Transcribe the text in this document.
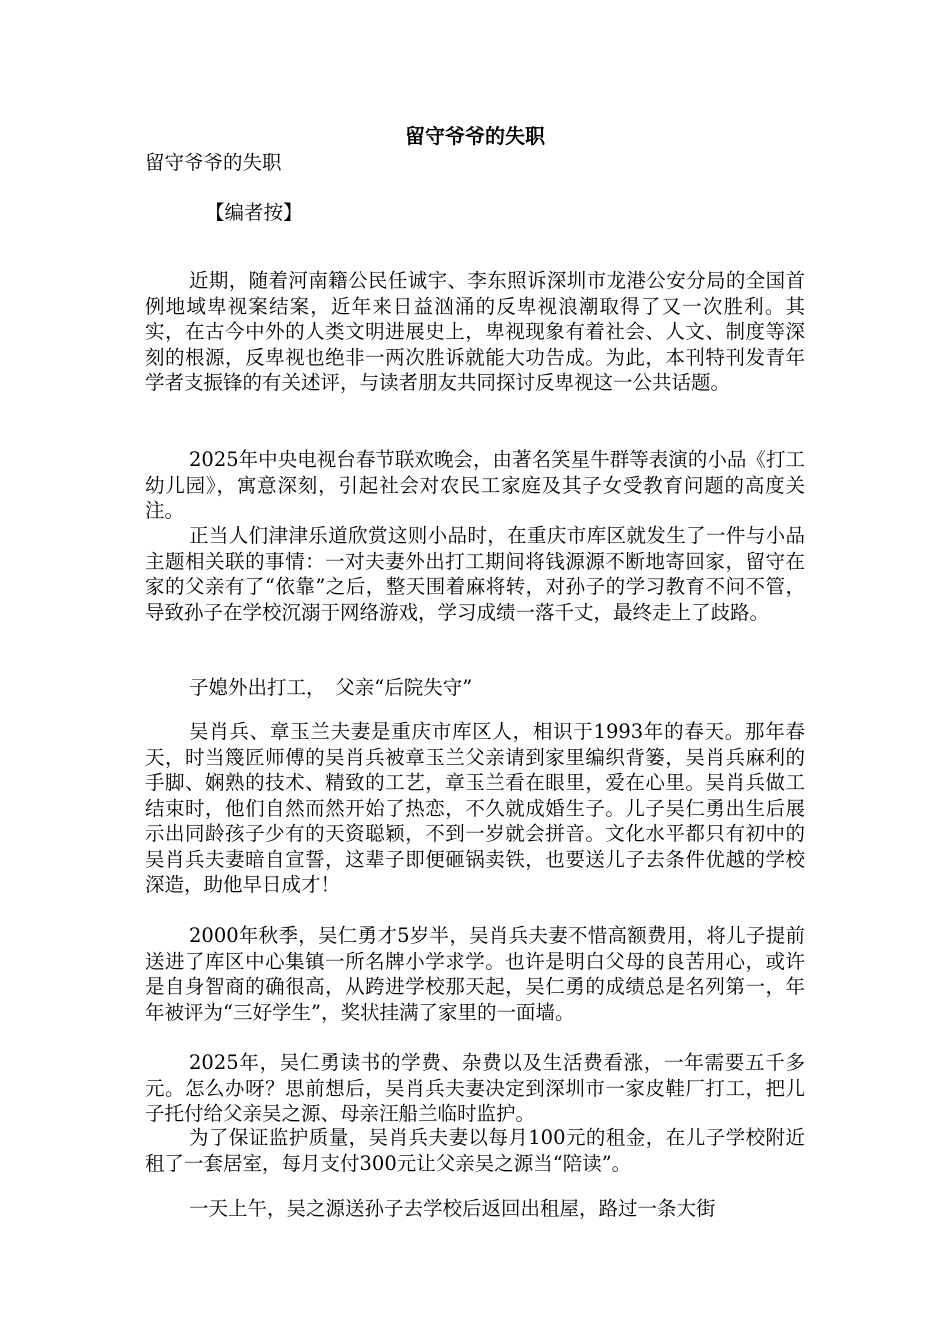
留守爷爷的失职
留守爷爷的失职
【编者按】

近期，随着河南籍公民任诚宇、李东照诉深圳市龙港公安分局的全国首例地域卑视案结案，近年来日益汹涌的反卑视浪潮取得了又一次胜利。其实，在古今中外的人类文明进展史上，卑视现象有着社会、人文、制度等深刻的根源，反卑视也绝非一两次胜诉就能大功告成。为此，本刊特刊发青年学者支振锋的有关述评，与读者朋友共同探讨反卑视这一公共话题。

2025年中央电视台春节联欢晚会，由著名笑星牛群等表演的小品《打工幼儿园》，寓意深刻，引起社会对农民工家庭及其子女受教育问题的高度关注。

正当人们津津乐道欣赏这则小品时，在重庆市库区就发生了一件与小品主题相关联的事情：一对夫妻外出打工期间将钱源源不断地寄回家，留守在家的父亲有了“依靠”之后，整天围着麻将转，对孙子的学习教育不问不管，导致孙子在学校沉溺于网络游戏，学习成绩一落千丈，最终走上了歧路。

子媳外出打工，　父亲“后院失守”

吴肖兵、章玉兰夫妻是重庆市库区人，相识于1993年的春天。那年春天，时当篾匠师傅的吴肖兵被章玉兰父亲请到家里编织背篓，吴肖兵麻利的手脚、娴熟的技术、精致的工艺，章玉兰看在眼里，爱在心里。吴肖兵做工结束时，他们自然而然开始了热恋，不久就成婚生子。儿子吴仁勇出生后展示出同龄孩子少有的天资聪颖，不到一岁就会拼音。文化水平都只有初中的吴肖兵夫妻暗自宣誓，这辈子即便砸锅卖铁，也要送儿子去条件优越的学校深造，助他早日成才！

2000年秋季，吴仁勇才5岁半，吴肖兵夫妻不惜高额费用，将儿子提前送进了库区中心集镇一所名牌小学求学。也许是明白父母的良苦用心，或许是自身智商的确很高，从跨进学校那天起，吴仁勇的成绩总是名列第一，年年被评为“三好学生”，奖状挂满了家里的一面墙。

2025年，吴仁勇读书的学费、杂费以及生活费看涨，一年需要五千多元。怎么办呀？思前想后，吴肖兵夫妻决定到深圳市一家皮鞋厂打工，把儿子托付给父亲吴之源、母亲汪船兰临时监护。

为了保证监护质量，吴肖兵夫妻以每月100元的租金，在儿子学校附近租了一套居室，每月支付300元让父亲吴之源当“陪读”。

一天上午，吴之源送孙子去学校后返回出租屋，路过一条大街
